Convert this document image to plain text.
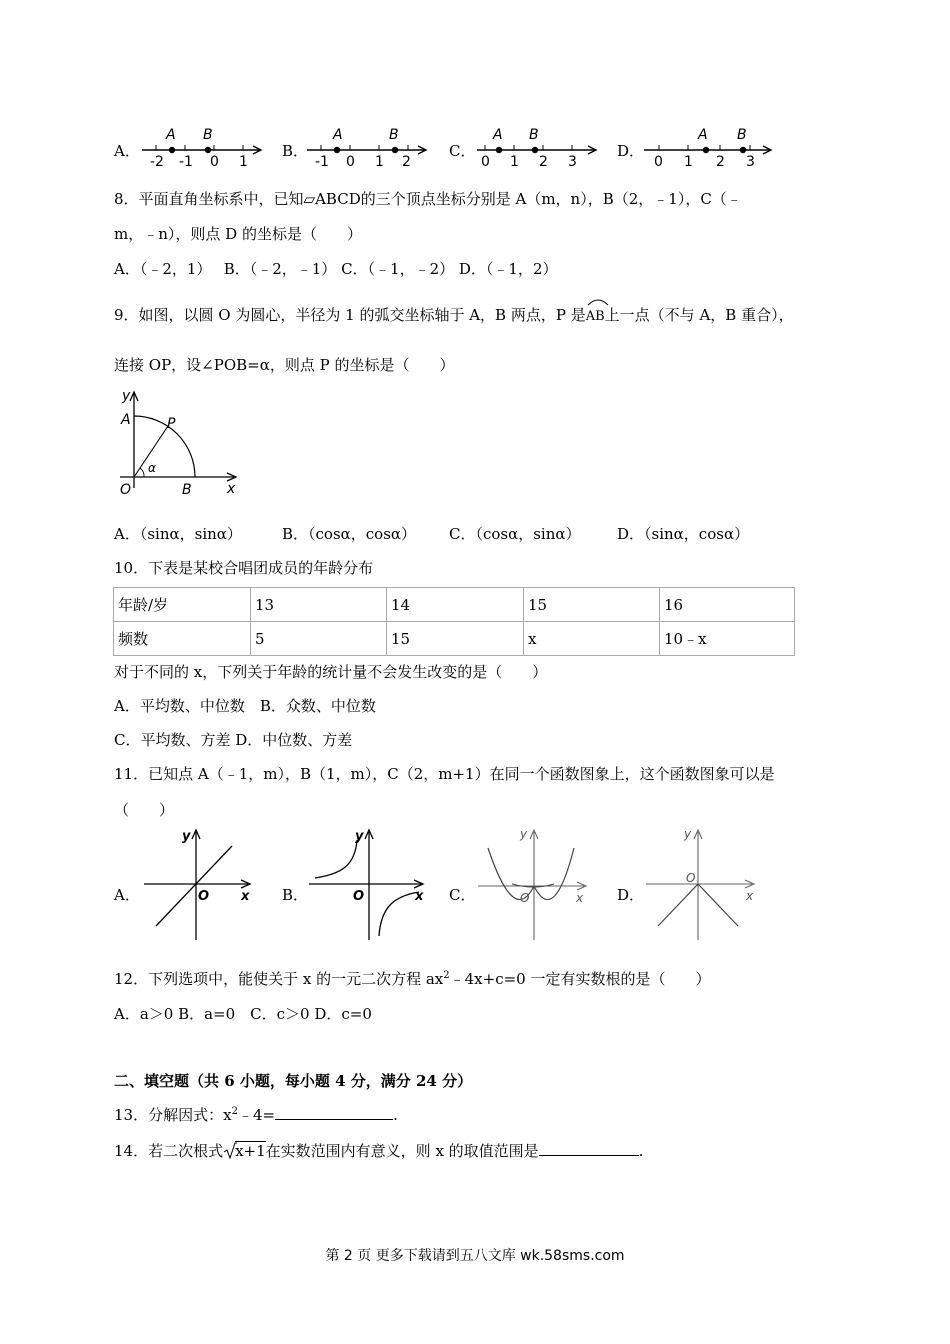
A．
A B
-2 -1 0 1
B．
A	B
-1 0 1 2
C．
A B
0 1 2 3
D．
A B
0 1 2 3
8．平面直角坐标系中，已知▱ABCD的三个顶点坐标分别是 A（m，n），B（2，﹣1），C（﹣
m，﹣n），则点 D 的坐标是（　　）
A．（﹣2，1）　 B．（﹣2，﹣1） C．（﹣1，﹣2） D．（﹣1，2）
9．如图，以圆 O 为圆心，半径为 1 的弧交坐标轴于 A，B 两点，P 是
AB上一点（不与 A，B 重合），
连接 OP，设∠POB=α，则点 P 的坐标是（　　）
y
A	P
α
O	B	x
A．（sinα，sinα）	B．（cosα，cosα） C．（cosα，sinα） D．（sinα，cosα）
10．下表是某校合唱团成员的年龄分布
年龄/岁	13	14	15	16
频数	5	15	x	10﹣x
对于不同的 x，下列关于年龄的统计量不会发生改变的是（　　）
A．平均数、中位数　B．众数、中位数
C．平均数、方差 D．中位数、方差
11．已知点 A（﹣1，m），B（1，m），C（2，m+1）在同一个函数图象上，这个函数图象可以是
（　　）
A．
y
O x B．
y
O	x C．
y
O	x D．
y
O
x
12．下列选项中，能使关于 x 的一元二次方程 $ax^2﹣4x+c=0$ 一定有实数根的是（　　）
A．a＞0 B．a=0　C．c＞0 D．c=0
二、填空题（共 6 小题，每小题 4 分，满分 24 分）
13．分解因式：$x^2﹣4=$	.
14．若二次根式 x+1在实数范围内有意义，则 x 的取值范围是	.
第 2 页 更多下载请到五八文库 wk.58sms.com
